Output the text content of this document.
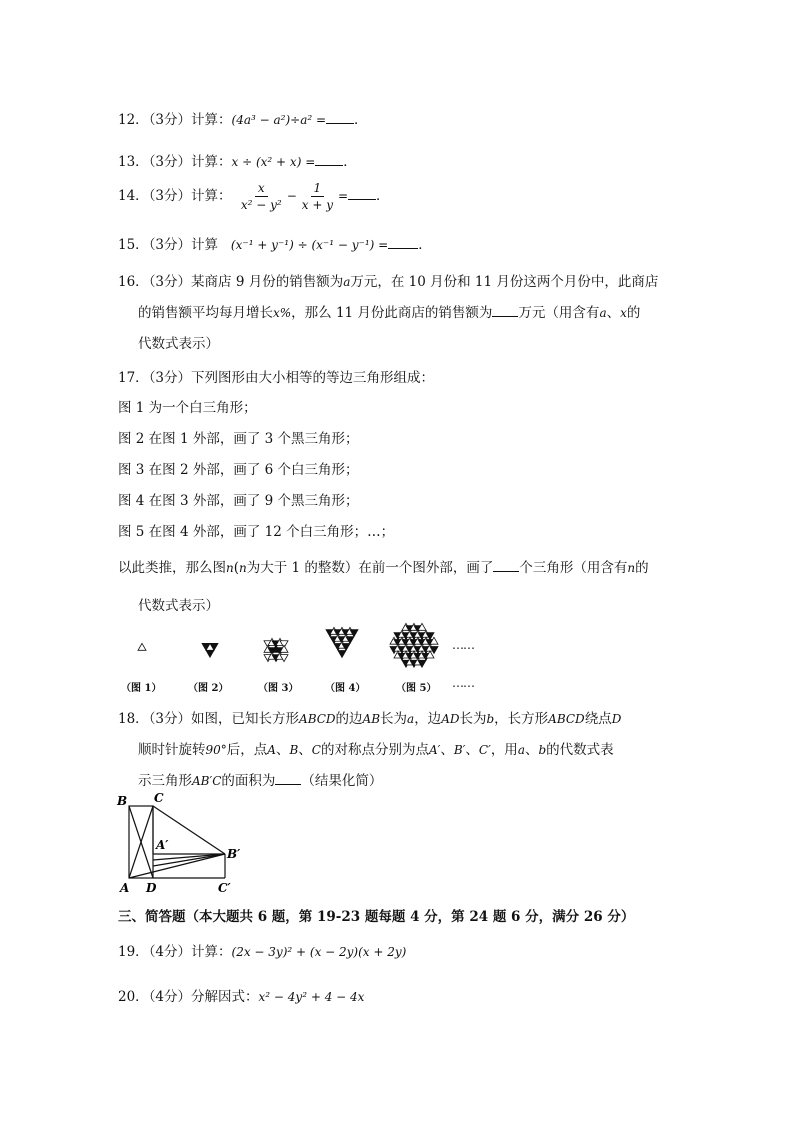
12．（3分）计算：(4a³ − a²)÷a² = ．
13．（3分）计算：x ÷ (x² + x) = ．
14．（3分）计算： $\frac{x}{\text{x² − y²}} - \frac{1}{x + y}$ = ．
15．（3分）计算 (x⁻¹ + y⁻¹) ÷ (x⁻¹ − y⁻¹) = ．
16．（3分）某商店 9 月份的销售额为a万元，在 10 月份和 11 月份这两个月份中，此商店
的销售额平均每月增长x%，那么 11 月份此商店的销售额为 万元（用含有a、x的
代数式表示）
17．（3分）下列图形由大小相等的等边三角形组成：
图 1 为一个白三角形；
图 2 在图 1 外部，画了 3 个黑三角形；
图 3 在图 2 外部，画了 6 个白三角形；
图 4 在图 3 外部，画了 9 个黑三角形；
图 5 在图 4 外部，画了 12 个白三角形；…；
以此类推，那么图n(n为大于 1 的整数）在前一个图外部，画了 个三角形（用含有n的
代数式表示）
……
（图 1）	（图 2）	（图 3）	（图 4）	（图 5） ……
18．（3分）如图，已知长方形ABCD的边AB长为a，边AD长为b，长方形ABCD绕点D
顺时针旋转90°后，点A、B、C的对称点分别为点A′、B′、C′，用a、b的代数式表
示三角形AB′C的面积为 （结果化简）
B C
A′
B′
A D	C′
三、简答题（本大题共 6 题，第 19-23 题每题 4 分，第 24 题 6 分，满分 26 分）
19．（4分）计算：(2x − 3y)² + (x − 2y)(x + 2y)
20．（4分）分解因式：x² − 4y² + 4 − 4x
